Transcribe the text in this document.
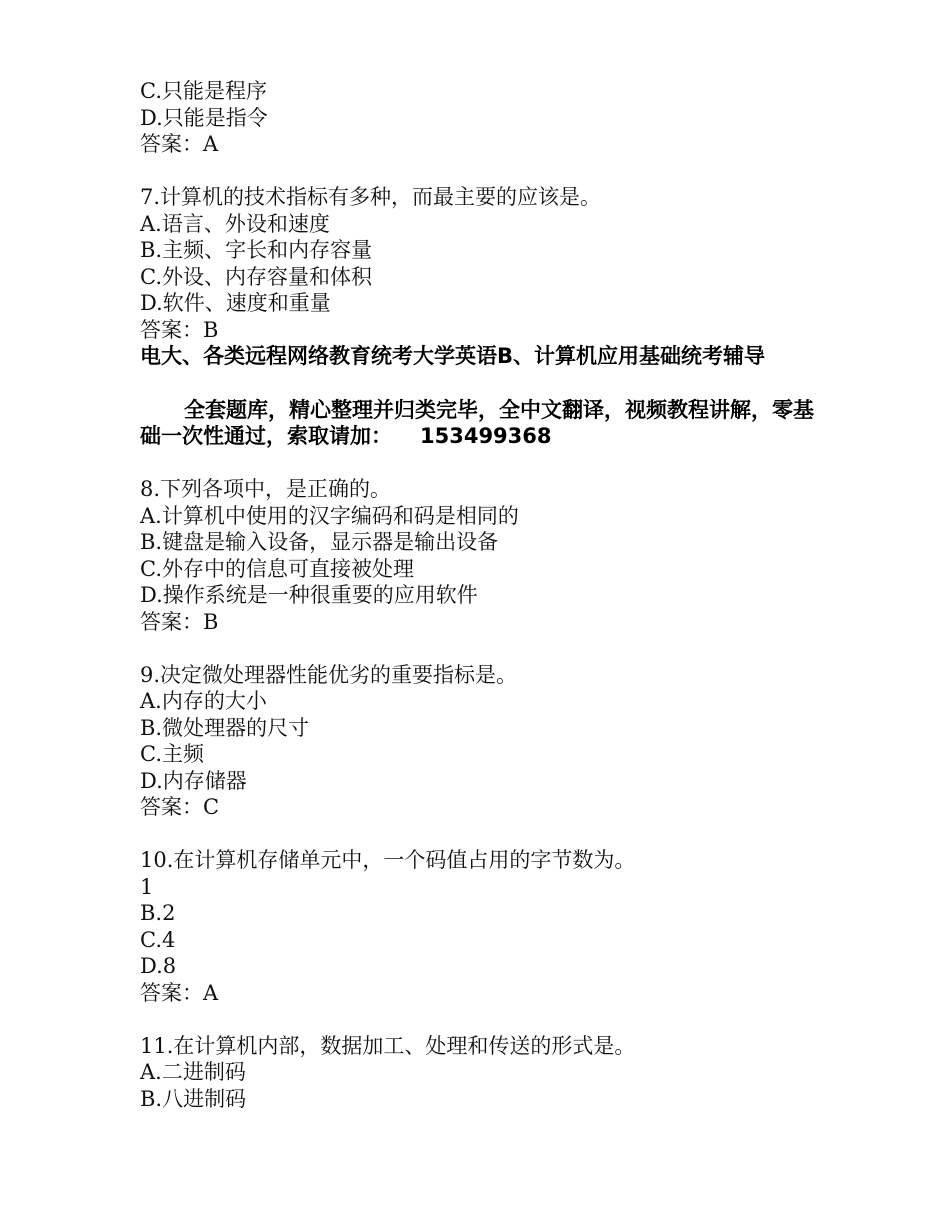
C.只能是程序
D.只能是指令
答案：A
7.计算机的技术指标有多种，而最主要的应该是。
A.语言、外设和速度
B.主频、字长和内存容量
C.外设、内存容量和体积
D.软件、速度和重量
答案：B
电大、各类远程网络教育统考大学英语B、计算机应用基础统考辅导
全套题库，精心整理并归类完毕，全中文翻译，视频教程讲解，零基础一次性通过，索取请加： 153499368
8.下列各项中，是正确的。
A.计算机中使用的汉字编码和码是相同的
B.键盘是输入设备，显示器是输出设备
C.外存中的信息可直接被处理
D.操作系统是一种很重要的应用软件
答案：B
9.决定微处理器性能优劣的重要指标是。
A.内存的大小
B.微处理器的尺寸
C.主频
D.内存储器
答案：C
10.在计算机存储单元中，一个码值占用的字节数为。
1
B.2
C.4
D.8
答案：A
11.在计算机内部，数据加工、处理和传送的形式是。
A.二进制码
B.八进制码
